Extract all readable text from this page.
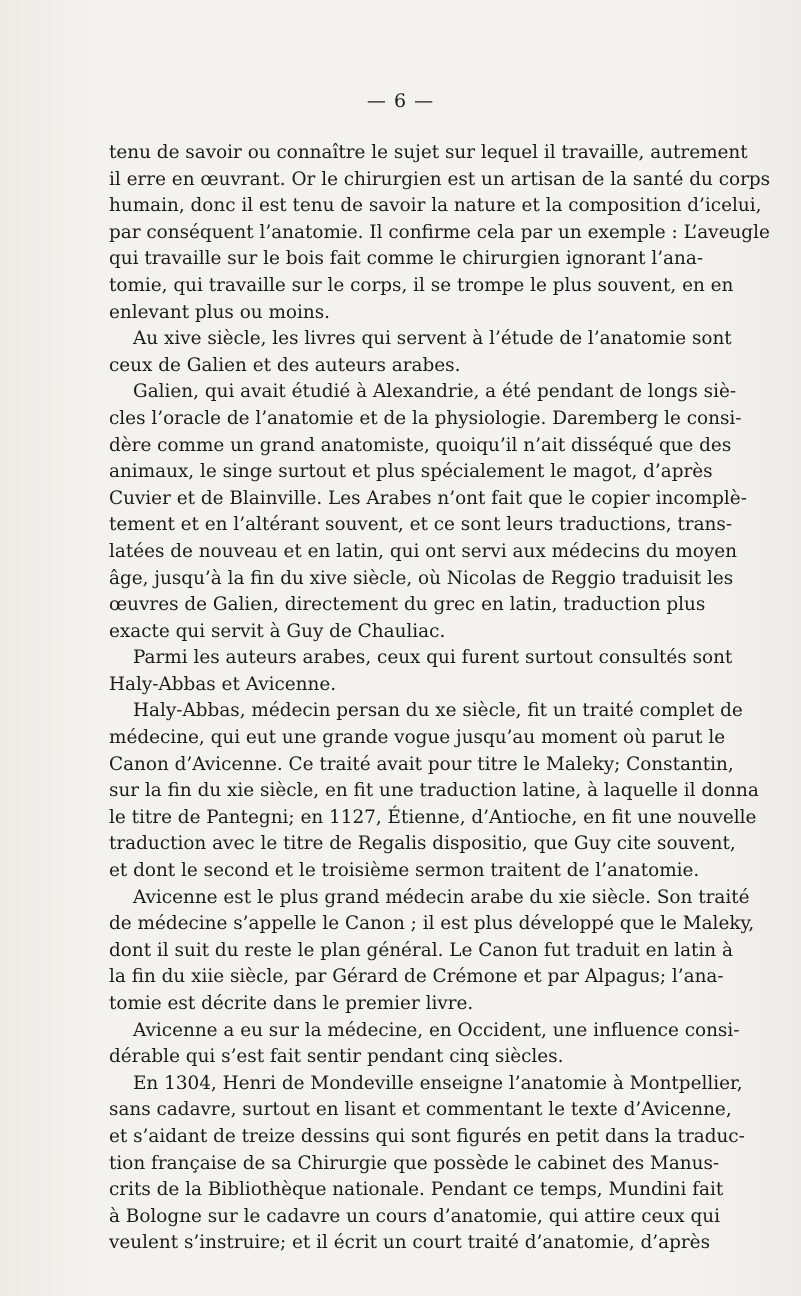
— 6 —
tenu de savoir ou connaître le sujet sur lequel il travaille, autrement
il erre en œuvrant. Or le chirurgien est un artisan de la santé du corps
humain, donc il est tenu de savoir la nature et la composition d’icelui,
par conséquent l’anatomie. Il confirme cela par un exemple : L’aveugle
qui travaille sur le bois fait comme le chirurgien ignorant l’ana-
tomie, qui travaille sur le corps, il se trompe le plus souvent, en en
enlevant plus ou moins.
Au xive siècle, les livres qui servent à l’étude de l’anatomie sont
ceux de Galien et des auteurs arabes.
Galien, qui avait étudié à Alexandrie, a été pendant de longs siè-
cles l’oracle de l’anatomie et de la physiologie. Daremberg le consi-
dère comme un grand anatomiste, quoiqu’il n’ait disséqué que des
animaux, le singe surtout et plus spécialement le magot, d’après
Cuvier et de Blainville. Les Arabes n’ont fait que le copier incomplè-
tement et en l’altérant souvent, et ce sont leurs traductions, trans-
latées de nouveau et en latin, qui ont servi aux médecins du moyen
âge, jusqu’à la fin du xive siècle, où Nicolas de Reggio traduisit les
œuvres de Galien, directement du grec en latin, traduction plus
exacte qui servit à Guy de Chauliac.
Parmi les auteurs arabes, ceux qui furent surtout consultés sont
Haly-Abbas et Avicenne.
Haly-Abbas, médecin persan du xe siècle, fit un traité complet de
médecine, qui eut une grande vogue jusqu’au moment où parut le
Canon d’Avicenne. Ce traité avait pour titre le Maleky; Constantin,
sur la fin du xie siècle, en fit une traduction latine, à laquelle il donna
le titre de Pantegni; en 1127, Étienne, d’Antioche, en fit une nouvelle
traduction avec le titre de Regalis dispositio, que Guy cite souvent,
et dont le second et le troisième sermon traitent de l’anatomie.
Avicenne est le plus grand médecin arabe du xie siècle. Son traité
de médecine s’appelle le Canon ; il est plus développé que le Maleky,
dont il suit du reste le plan général. Le Canon fut traduit en latin à
la fin du xiie siècle, par Gérard de Crémone et par Alpagus; l’ana-
tomie est décrite dans le premier livre.
Avicenne a eu sur la médecine, en Occident, une influence consi-
dérable qui s’est fait sentir pendant cinq siècles.
En 1304, Henri de Mondeville enseigne l’anatomie à Montpellier,
sans cadavre, surtout en lisant et commentant le texte d’Avicenne,
et s’aidant de treize dessins qui sont figurés en petit dans la traduc-
tion française de sa Chirurgie que possède le cabinet des Manus-
crits de la Bibliothèque nationale. Pendant ce temps, Mundini fait
à Bologne sur le cadavre un cours d’anatomie, qui attire ceux qui
veulent s’instruire; et il écrit un court traité d’anatomie, d’après
